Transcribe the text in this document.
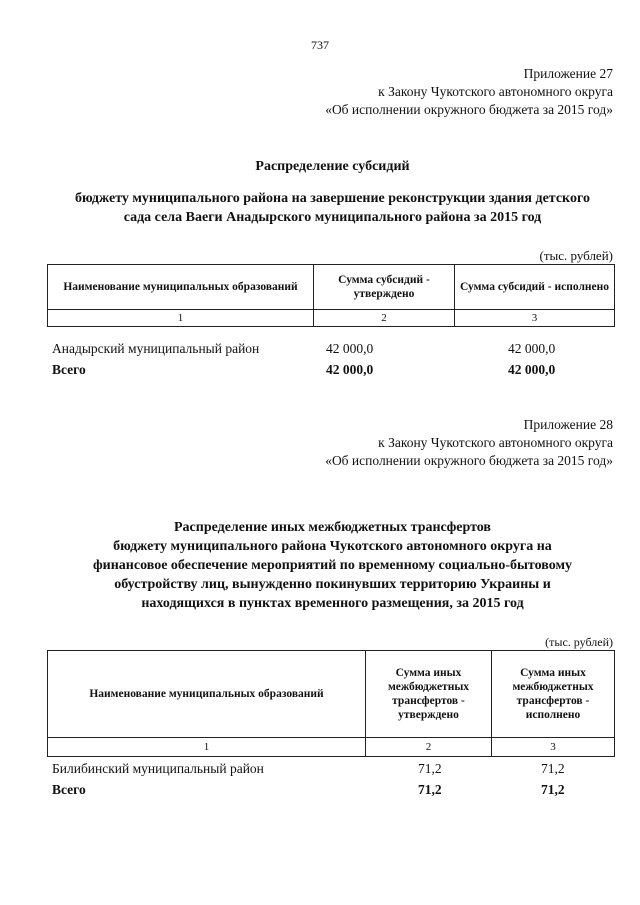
737
Приложение 27
к Закону Чукотского автономного округа
«Об исполнении окружного бюджета за 2015 год»
Распределение субсидий
бюджету муниципального района на завершение реконструкции здания детского
сада села Ваеги Анадырского муниципального района за 2015 год
(тыс. рублей)
Наименование муниципальных образований	Сумма субсидий - утверждено	Сумма субсидий - исполнено
1	2	3
Анадырский муниципальный район	42 000,0	42 000,0
Всего	42 000,0	42 000,0
Приложение 28
к Закону Чукотского автономного округа
«Об исполнении окружного бюджета за 2015 год»
Распределение иных межбюджетных трансфертов
бюджету муниципального района Чукотского автономного округа на
финансовое обеспечение мероприятий по временному социально-бытовому
обустройству лиц, вынужденно покинувших территорию Украины и
находящихся в пунктах временного размещения, за 2015 год
(тыс. рублей)
Наименование муниципальных образований	Сумма иных межбюджетных трансфертов - утверждено	Сумма иных межбюджетных трансфертов - исполнено
1	2	3
Билибинский муниципальный район	71,2	71,2
Всего	71,2	71,2
